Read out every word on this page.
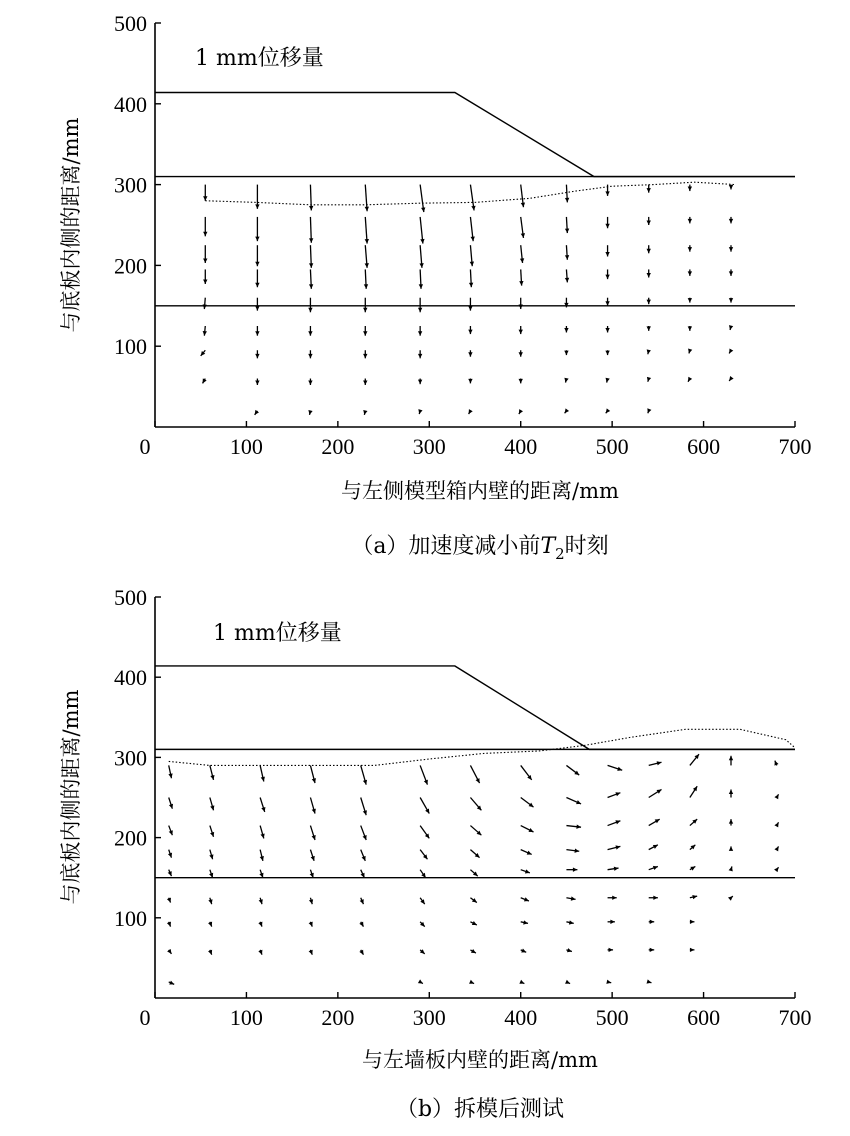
0	100	200	300	400	500	600	700
100
200
300
400
500
1 mm位移量
与左侧模型箱内壁的距离/mm
与底板内侧的距离/mm
（a）加速度减小前$T_2$时刻
0	100	200	300	400	500	600	700
100
200
300
400
500
1 mm位移量
与左墙板内壁的距离/mm
与底板内侧的距离/mm
（b）拆模后测试
